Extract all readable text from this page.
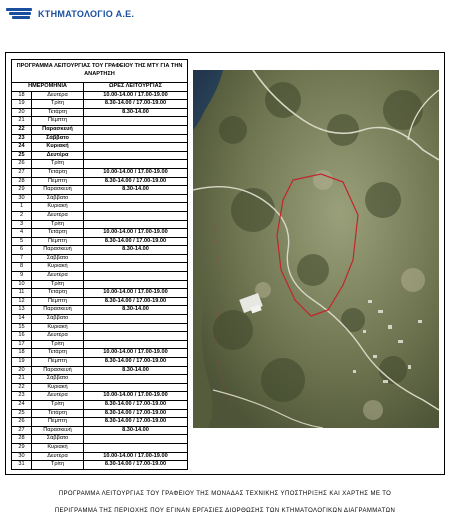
ΚΤΗΜΑΤΟΛΟΓΙΟ Α.Ε.
ΠΡΟΓΡΑΜΜΑ ΛΕΙΤΟΥΡΓΙΑΣ ΤΟΥ ΓΡΑΦΕΙΟΥ ΤΗΣ ΜΤΥ ΓΙΑ ΤΗΝ ΑΝΑΡΤΗΣΗ		
ΗΜΕΡΟΜΗΝΙΑ		ΩΡΕΣ ΛΕΙΤΟΥΡΓΙΑΣ
18	Δευτέρα	10.00-14.00 / 17.00-19.00
19	Τρίτη	8.30-14.00 / 17.00-19.00
20	Τετάρτη	8.30-14.00
21	Πέμπτη	
22	Παρασκευή	
23	Σάββατο	
24	Κυριακή	
25	Δευτέρα	
26	Τρίτη	
27	Τετάρτη	10.00-14.00 / 17.00-19.00
28	Πέμπτη	8.30-14.00 / 17.00-19.00
29	Παρασκευή	8.30-14.00
30	Σάββατο	
1	Κυριακή	
2	Δευτέρα	
3	Τρίτη	
4	Τετάρτη	10.00-14.00 / 17.00-19.00
5	Πέμπτη	8.30-14.00 / 17.00-19.00
6	Παρασκευή	8.30-14.00
7	Σάββατο	
8	Κυριακή	
9	Δευτέρα	
10	Τρίτη	
11	Τετάρτη	10.00-14.00 / 17.00-19.00
12	Πέμπτη	8.30-14.00 / 17.00-19.00
13	Παρασκευή	8.30-14.00
14	Σάββατο	
15	Κυριακή	
16	Δευτέρα	
17	Τρίτη	
18	Τετάρτη	10.00-14.00 / 17.00-19.00
19	Πέμπτη	8.30-14.00 / 17.00-19.00
20	Παρασκευή	8.30-14.00
21	Σάββατο	
22	Κυριακή	
23	Δευτέρα	10.00-14.00 / 17.00-19.00
24	Τρίτη	8.30-14.00 / 17.00-19.00
25	Τετάρτη	8.30-14.00 / 17.00-19.00
26	Πέμπτη	8.30-14.00 / 17.00-19.00
27	Παρασκευή	8.30-14.00
28	Σάββατο	
29	Κυριακή	
30	Δευτέρα	10.00-14.00 / 17.00-19.00
31	Τρίτη	8.30-14.00 / 17.00-19.00
ΠΡΟΓΡΑΜΜΑ ΛΕΙΤΟΥΡΓΙΑΣ ΤΟΥ ΓΡΑΦΕΙΟΥ ΤΗΣ ΜΟΝΑΔΑΣ ΤΕΧΝΙΚΗΣ ΥΠΟΣΤΗΡΙΞΗΣ ΚΑΙ ΧΑΡΤΗΣ ΜΕ ΤΟ
ΠΕΡΙΓΡΑΜΜΑ ΤΗΣ ΠΕΡΙΟΧΗΣ ΠΟΥ ΕΓΙΝΑΝ ΕΡΓΑΣΙΕΣ ΔΙΟΡΘΩΣΗΣ ΤΩΝ ΚΤΗΜΑΤΟΛΟΓΙΚΩΝ ΔΙΑΓΡΑΜΜΑΤΩΝ
